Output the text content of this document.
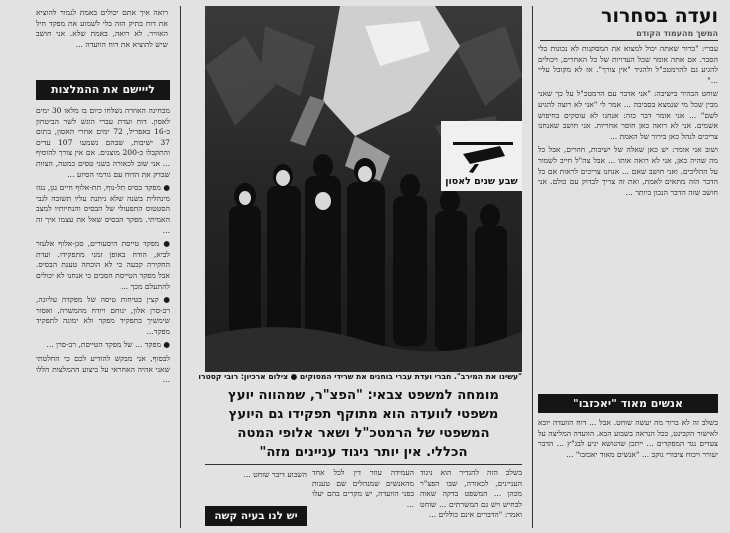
ועדה בסחרור
המשך מהעמוד הקודם

עברי: "ברור שאתה יכול למצוא את המסקנות לא נכונות בלי הסבר. אם אתה אומר שכל העדויות של כל האחרים, ויכולים להגיע גם להרמטכ"ל ולהגיד "אין צורך". אז לא מקובל עליי ..."

שוחט הבהיר בישיבה: "אני אדבר עם הרמטכ"ל על כך שאני מבין שכל מי שנמצא בסביבה ... אמר לי "אני לא רוצה להגיע לשם" ... אני אומר דבר כזה: אנחנו לא עוסקים בחיפוש אשמים. אני לא רואה כאן חוסר אחריות. אני חושב שאנחנו צריכים לנהל כאן בירור של האמת ...

ושוב אני אומר: יש כאן שאלה של ישיבות, חוזרים, אבל כל מה שהיה כאן, אני לא רואה אותו ... אבל צה"ל חייב לשמור על ההליכים. ואני חושב שאם ... אנחנו צריכים לראות אם כל הדבר הזה מתאים לאמת, ואת זה צריך לבדוק עם כולם. אני חושב שזה הדבר הנכון ביותר ...

אנשים מאוד "יאכזבו"

בשלב זה לא ברור מה יעשה שוחט. אבל ... דוח הוועדה יובא לאישור הקבינט, ככל הנראה בשבוע הבא. הוועדה המליצה על צעדים נגד המפקדים ... ייתכן שהנושא יגיע לבג"ץ ... הדבר יעורר ויכוח ציבורי נוקב ... "אנשים מאוד יאכזבו" ...

רואה איך אתם יכולים באמת לגמור להוציא את דוח בתיק הזה בלי לשמוע את מפקד חיל האוויר. לא רואה, באמת שלא. אני חושב שיש להוציא את דוח הוועדה ...

לייישם את ההמלצות

מבחינה האוזרה נשלחו כיום בו מלאו 30 ימים לאסון. דוח ועדת עברי הוגש לשר הביטחון ב-16 באפריל, 72 ימים אחרי האסון, בתום 37 ישיבות, שבהם נשמעו 107 עדים והתקבלו כ-200 מוצגים. אם אין צורך להוסיף ... אני שוב לכאורה בשני טסים כמטה, הצוות שבדק את הדוח עם גורמי הסיוע ...

● מפקד בסיס תל-נוף, תת-אלוף חיים נגן, נגזז מינהלית בשנה שלא ניתנת עליו תשובה לגבי הסטטוס התפעולי של הבסיס והנחיותיו למצב האמיתי. מפקד הבסיס שאל את עצמו איך זה ...

● מפקד טייסת היסעורים, סגן-אלוף אלעזר לביא, הודח באופן זמני מתפקידו. ועדת החקירה קבעה כי לא הוכחה טענת הבסיס. אבל מפקד הטייסת הסכים כי אנחנו לא יכולים להתעלם מכך ...

● קצין בטיחות טיסה של מפקדה עליונה, רב-סרן אלון, ינוחם ויודח מהמשרה, ואסור שימשיך בתפקיד מפקד ולא ימונה לתפקיד מפקד...

● מפקד ... של מפקד הטייסת, רב-סרן ...

לבסוף, אני מבקש להודיע לכם כי החלטתי שאני אהיה האחראי על ביצוע ההמלצות הללו ...

שבע שנים לאסון
"עשינו את המירב". חברי ועדת עברי בוחנים את שרידי המסוקים ● צילום ארכיון: רובי קסטרו
מומחה למשפט צבאי: "הפצ"ר, שמהווה יועץ
משפטי לוועדה הוא מתוקף תפקידו גם היועץ
המשפטי של הרמטכ"ל ושאר אלופי המטה
הכללי. אין יותר ניגוד עניינים מזה"
בשלב הזה להגדיר הוא ניגוד העניינים, לכאורה, שבו הפצ"ר מכהן ... המשפט בדקה שאוה לבחיש ויש גם המשרתים ... שוחט ואמר: "הדברים אינם כוללים ...
העמידה עוזר דין לכל אחד מהאנשים שמנהלים שם טענות בפני הוועדה, יש מקרים בהם יעלו ...
יש לנו בעיה קשה
השבוע דיבר שוחט ...
